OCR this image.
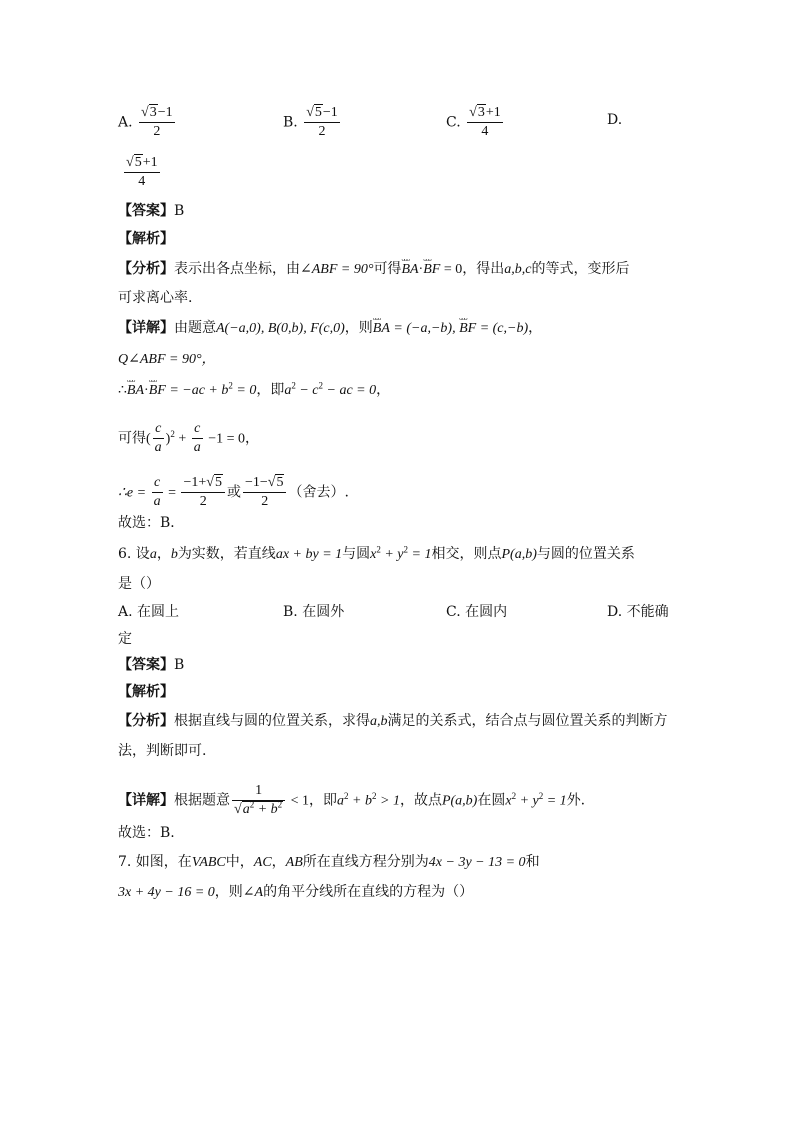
A. $\frac{√3-1}{2}$	B. $\frac{√5-1}{2}$	C. $\frac{√3+1}{4}$	D.
$\frac{√5+1}{4}$
【答案】B
【解析】
【分析】表示出各点坐标，由∠ABF = 90°可得ᴗᴗᴗ BA·ᴗᴗᴗ BF = 0，得出a,b,c的等式，变形后
可求离心率.
【详解】由题意A(−a,0), B(0,b), F(c,0)，则ᴗᴗᴗ BA = (−a,−b), ᴗᴗᴗ BF = (c,−b)，
Q∠ABF = 90°，
∴ᴗᴗᴗ BA·ᴗᴗᴗ BF = $-ac + b^2 = 0$，即$a^2 - c^2$ − ac = 0，
可得( $\frac{c}{a} )^2 + \frac{c}{a} -1 = 0$，
∴e = $\frac{c}{a} = \frac{-1+√5}{2}$ 或 $\frac{-1-√5}{2}$ （舍去）.
故选：B．
6. 设a，b为实数，若直线ax + by = 1与圆$x^2 + y^2 = 1$相交，则点P(a,b)与圆的位置关系
是（）
A. 在圆上	B. 在圆外	C. 在圆内	D. 不能确
定
【答案】B
【解析】
【分析】根据直线与圆的位置关系，求得a,b满足的关系式，结合点与圆位置关系的判断方
法，判断即可.
【详解】根据题意 $\frac{1}{√a^2 + b^2} < 1$，即$a^2 + b^2 > 1$，故点P(a,b)在圆$x^2 + y^2 = 1$外.
故选：B.
7. 如图，在VABC中，AC，AB所在直线方程分别为4x − 3y − 13 = 0和
3x + 4y − 16 = 0，则∠A的角平分线所在直线的方程为（）
